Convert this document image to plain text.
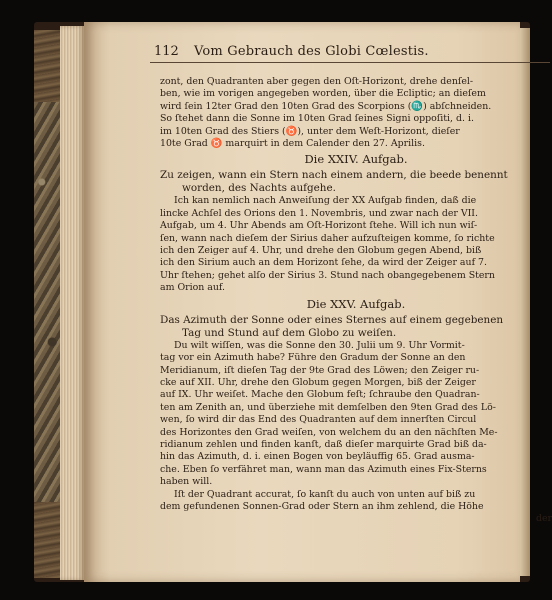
112 Vom Gebrauch des Globi Cœlestis.
zont, den Quadranten aber gegen den Oſt-Horizont, drehe denſel-
ben, wie im vorigen angegeben worden, über die Ecliptic; an dieſem
wird ſein 12ter Grad den 10ten Grad des Scorpions (♏) abſchneiden.
So ſtehet dann die Sonne im 10ten Grad ſeines Signi oppoſiti, d. i.
im 10ten Grad des Stiers (♉), unter dem Weſt-Horizont, dieſer
10te Grad ♉ marquirt in dem Calender den 27. Aprilis.
Die XXIV. Aufgab.
Zu zeigen, wann ein Stern nach einem andern, die beede benennt
worden, des Nachts aufgehe.
Ich kan nemlich nach Anweiſung der XX Aufgab finden, daß die
lincke Achſel des Orions den 1. Novembris, und zwar nach der VII.
Aufgab, um 4. Uhr Abends am Oſt-Horizont ſtehe. Will ich nun wiſ-
ſen, wann nach dieſem der Sirius daher aufzuſteigen komme, ſo richte
ich den Zeiger auf 4. Uhr, und drehe den Globum gegen Abend, biß
ich den Sirium auch an dem Horizont ſehe, da wird der Zeiger auf 7.
Uhr ſtehen; gehet alſo der Sirius 3. Stund nach obangegebenem Stern
am Orion auf.
Die XXV. Aufgab.
Das Azimuth der Sonne oder eines Sternes auf einem gegebenen
Tag und Stund auf dem Globo zu weiſen.
Du wilt wiſſen, was die Sonne den 30. Julii um 9. Uhr Vormit-
tag vor ein Azimuth habe? Führe den Gradum der Sonne an den
Meridianum, iſt dieſen Tag der 9te Grad des Löwen; den Zeiger ru-
cke auf XII. Uhr, drehe den Globum gegen Morgen, biß der Zeiger
auf IX. Uhr weiſet. Mache den Globum feſt; ſchraube den Quadran-
ten am Zenith an, und überziehe mit demſelben den 9ten Grad des Lö-
wen, ſo wird dir das End des Quadranten auf dem innerſten Circul
des Horizontes den Grad weiſen, von welchem du an den nächſten Me-
ridianum zehlen und finden kanſt, daß dieſer marquirte Grad biß da-
hin das Azimuth, d. i. einen Bogen von beyläuffig 65. Grad ausma-
che. Eben ſo verfähret man, wann man das Azimuth eines Fix-Sterns
haben will.
Iſt der Quadrant accurat, ſo kanſt du auch von unten auf biß zu
dem gefundenen Sonnen-Grad oder Stern an ihm zehlend, die Höhe
der
